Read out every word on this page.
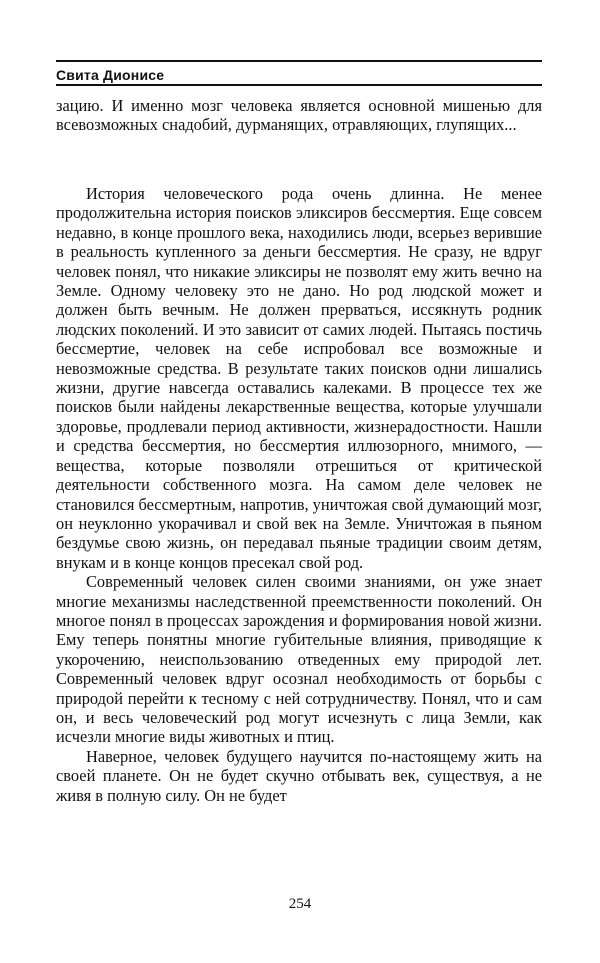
Свита Дионисе

зацию. И именно мозг человека является основной мишенью для всевозможных снадобий, дурманящих, отравляющих, глупящих...

История человеческого рода очень длинна. Не менее продолжительна история поисков эликсиров бессмертия. Еще совсем недавно, в конце прошлого века, находились люди, всерьез верившие в реальность купленного за деньги бессмертия. Не сразу, не вдруг человек понял, что никакие эликсиры не позволят ему жить вечно на Земле. Одному человеку это не дано. Но род людской может и должен быть вечным. Не должен прерваться, иссякнуть родник людских поколений. И это зависит от самих людей. Пытаясь постичь бессмертие, человек на себе испробовал все возможные и невозможные средства. В результате таких поисков одни лишались жизни, другие навсегда оставались калеками. В процессе тех же поисков были найдены лекарственные вещества, которые улучшали здоровье, продлевали период активности, жизнерадостности. Нашли и средства бессмертия, но бессмертия иллюзорного, мнимого, — вещества, которые позволяли отрешиться от критической деятельности собственного мозга. На самом деле человек не становился бессмертным, напротив, уничтожая свой думающий мозг, он неуклонно укорачивал и свой век на Земле. Уничтожая в пьяном бездумье свою жизнь, он передавал пьяные традиции своим детям, внукам и в конце концов пресекал свой род.

Современный человек силен своими знаниями, он уже знает многие механизмы наследственной преемственности поколений. Он многое понял в процессах зарождения и формирования новой жизни. Ему теперь понятны многие губительные влияния, приводящие к укорочению, неиспользованию отведенных ему природой лет. Современный человек вдруг осознал необходимость от борьбы с природой перейти к тесному с ней сотрудничеству. Понял, что и сам он, и весь человеческий род могут исчезнуть с лица Земли, как исчезли многие виды животных и птиц.

Наверное, человек будущего научится по-настоящему жить на своей планете. Он не будет скучно отбывать век, существуя, а не живя в полную силу. Он не будет

254
